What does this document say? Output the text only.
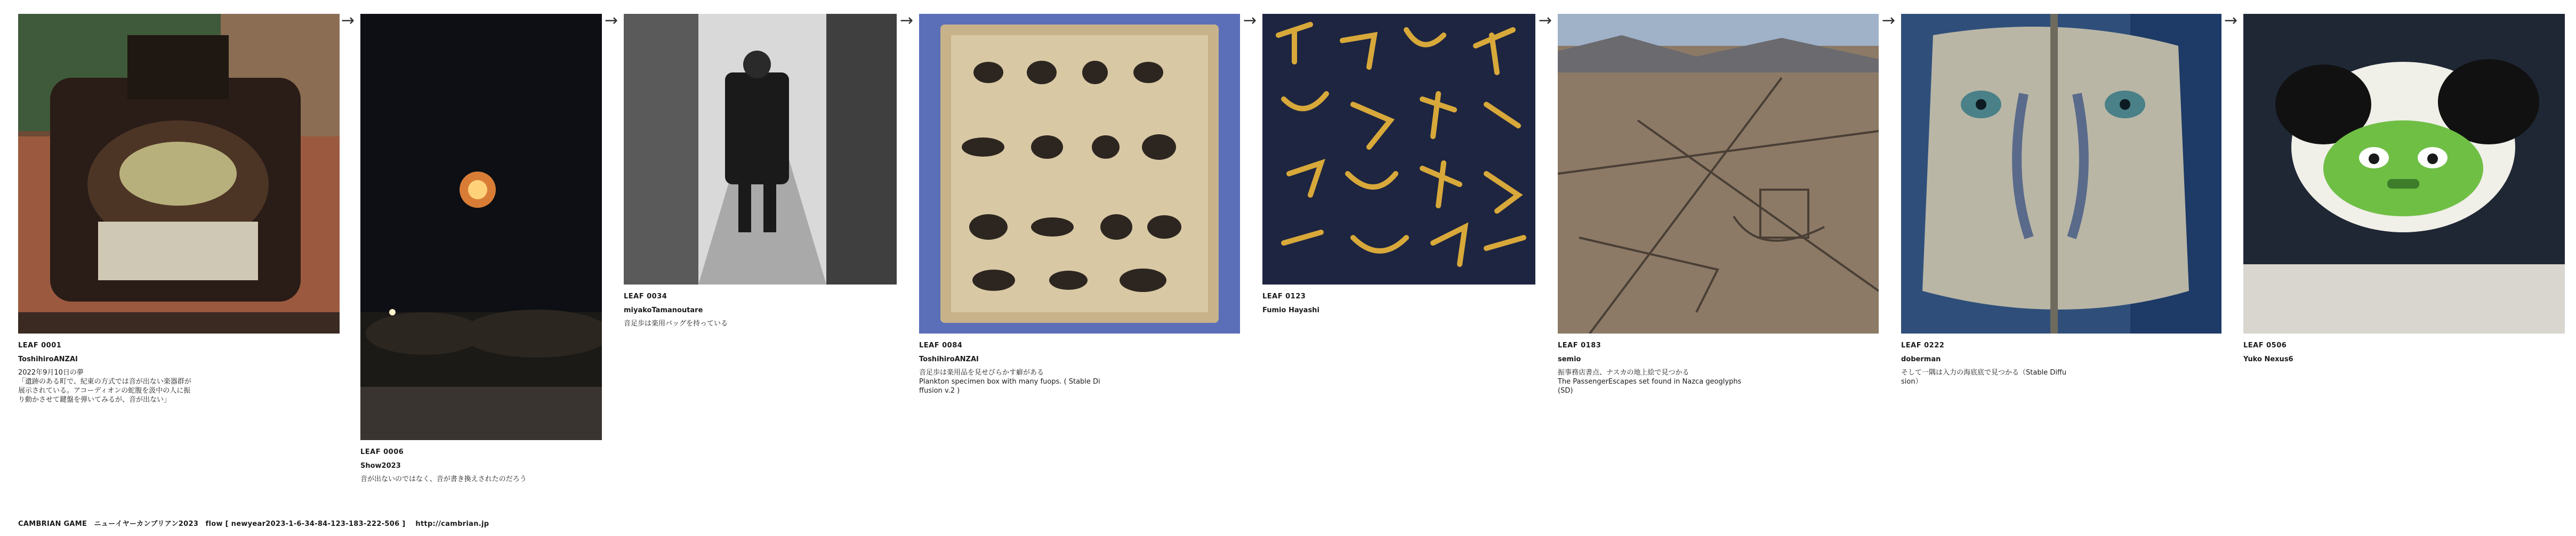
LEAF 0001
ToshihiroANZAI
2022年9月10日の夢
「遺跡のある町で、紀東の方式では音が出ない楽器群が
展示されている。アコーディオンの蛇腹を汲中の人に振
り動かさせて鍵盤を弾いてみるが、音が出ない」
→
LEAF 0006
Show2023
音が出ないのではなく、音が書き換えされたのだろう
→
LEAF 0034
miyakoTamanoutare
音足歩は楽用バッグを持っている
→
LEAF 0084
ToshihiroANZAI
音足歩は楽用品を見せびらかす癖がある
Plankton specimen box with many fuops. ( Stable Di
ffusion v.2 )
→
LEAF 0123
Fumio Hayashi
→
LEAF 0183
semio
振事務店書点、ナスカの地上絵で見つかる
The PassengerEscapes set found in Nazca geoglyphs
(SD)
→
LEAF 0222
doberman
そして一隅は入力の海底底で見つかる（Stable Diffu
sion）
→
LEAF 0506
Yuko Nexus6
CAMBRIAN GAME　ニューイヤーカンブリアン2023　flow [ newyear2023-1-6-34-84-123-183-222-506 ] http://cambrian.jp
